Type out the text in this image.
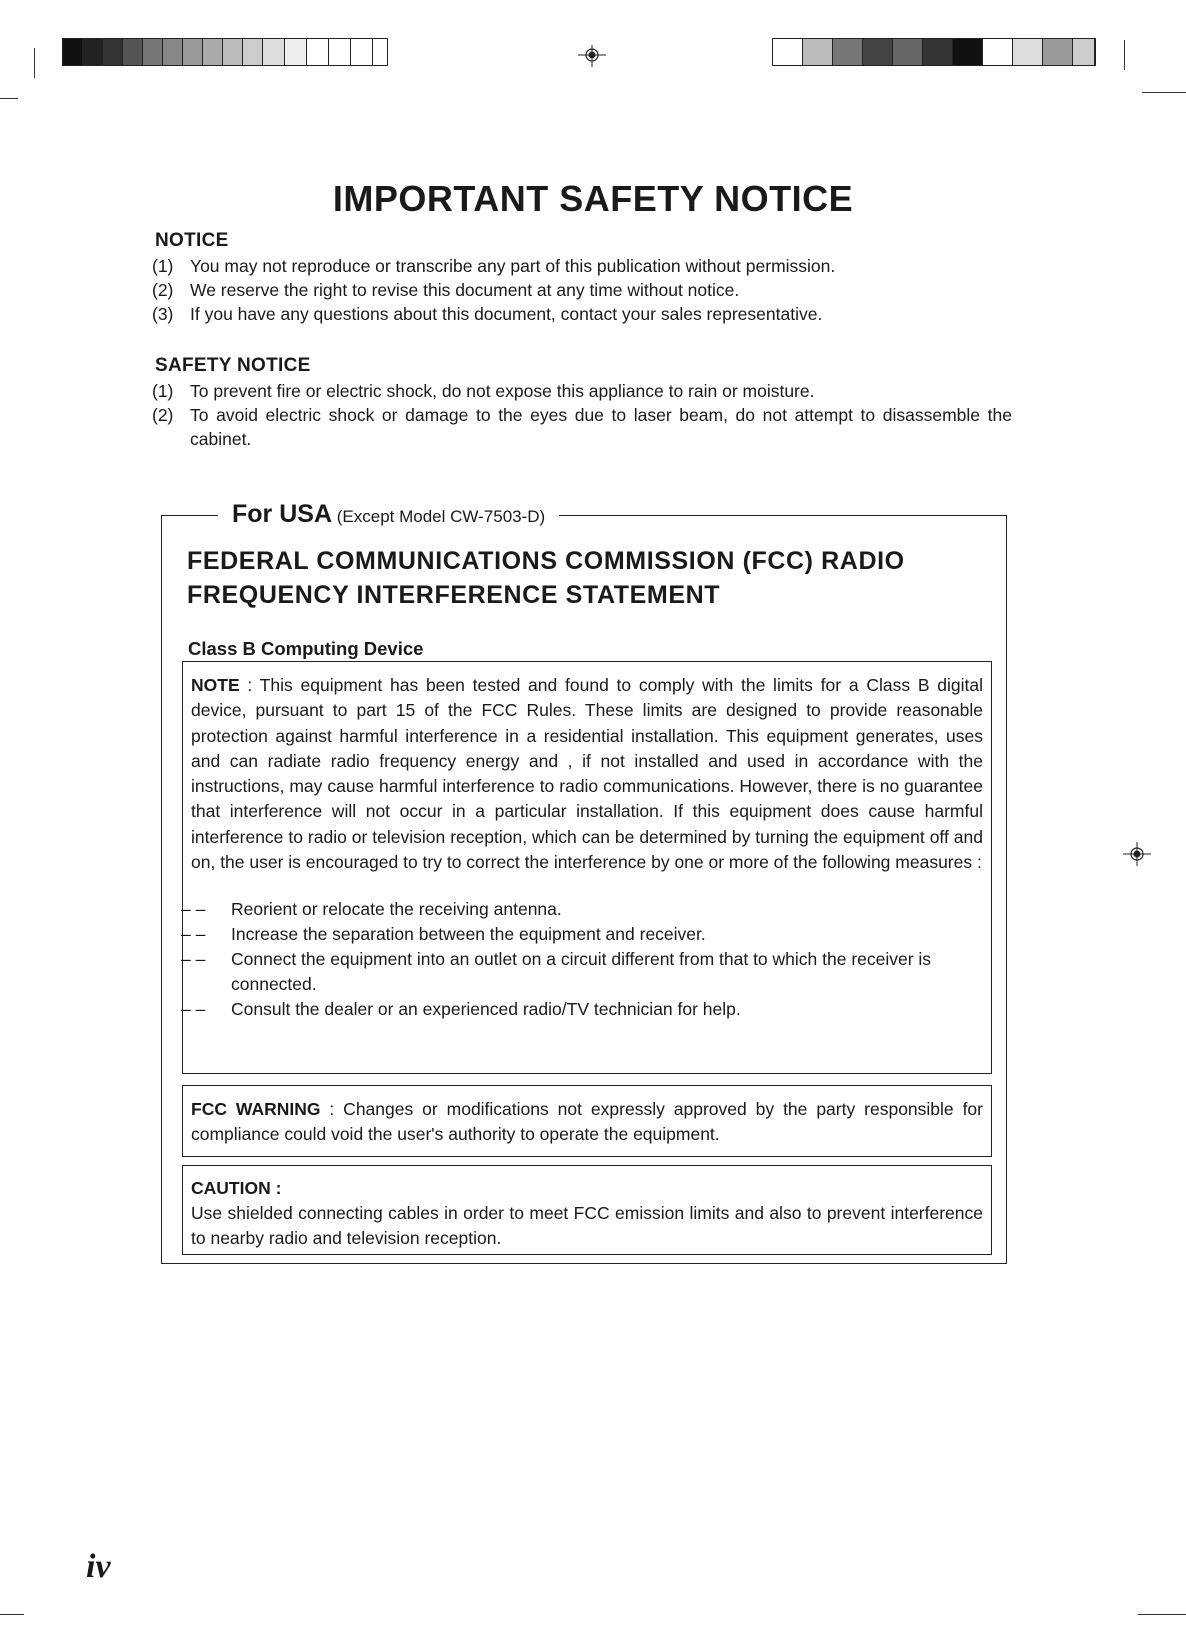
IMPORTANT SAFETY NOTICE
NOTICE
(1) You may not reproduce or transcribe any part of this publication without permission.
(2) We reserve the right to revise this document at any time without notice.
(3) If you have any questions about this document, contact your sales representative.
SAFETY NOTICE
(1) To prevent fire or electric shock, do not expose this appliance to rain or moisture.
(2) To avoid electric shock or damage to the eyes due to laser beam, do not attempt to disassemble the cabinet.
For USA (Except Model CW-7503-D)
FEDERAL COMMUNICATIONS COMMISSION (FCC) RADIO
FREQUENCY INTERFERENCE STATEMENT
Class B Computing Device
NOTE : This equipment has been tested and found to comply with the limits for a Class B digital device, pursuant to part 15 of the FCC Rules. These limits are designed to provide reasonable protection against harmful interference in a residential installation. This equipment generates, uses and can radiate radio frequency energy and , if not installed and used in accordance with the instructions, may cause harmful interference to radio communications. However, there is no guarantee that interference will not occur in a particular installation. If this equipment does cause harmful interference to radio or television reception, which can be determined by turning the equipment off and on, the user is encouraged to try to correct the interference by one or more of the following measures :
– –	Reorient or relocate the receiving antenna.
– –	Increase the separation between the equipment and receiver.
– –	Connect the equipment into an outlet on a circuit different from that to which the receiver is connected.
– –	Consult the dealer or an experienced radio/TV technician for help.
FCC WARNING : Changes or modifications not expressly approved by the party responsible for compliance could void the user's authority to operate the equipment.
CAUTION :
Use shielded connecting cables in order to meet FCC emission limits and also to prevent interference to nearby radio and television reception.
iv
